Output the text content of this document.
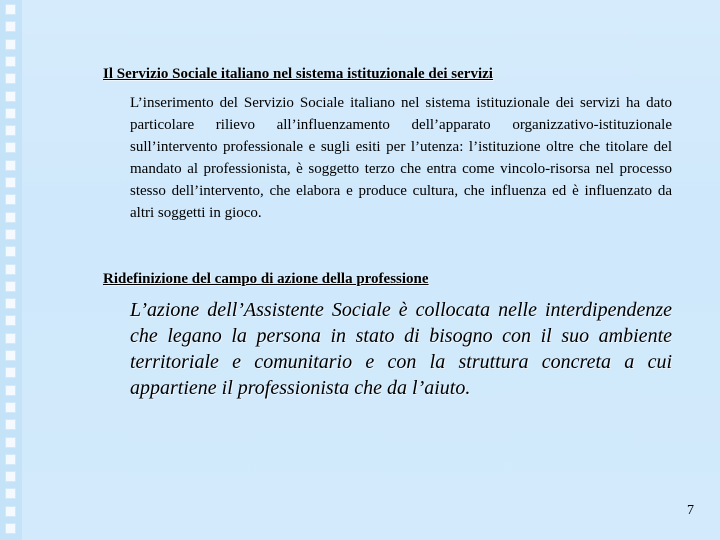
Il Servizio Sociale italiano nel sistema istituzionale dei servizi
L’inserimento del Servizio Sociale italiano nel sistema istituzionale dei servizi ha dato particolare rilievo all’influenzamento dell’apparato organizzativo-istituzionale sull’intervento professionale e sugli esiti per l’utenza: l’istituzione oltre che titolare del mandato al professionista, è soggetto terzo che entra come vincolo-risorsa nel processo stesso dell’intervento, che elabora e produce cultura, che influenza ed è influenzato da altri soggetti in gioco.
Ridefinizione del campo di azione della professione
L’azione dell’Assistente Sociale è collocata nelle interdipendenze che legano la persona in stato di bisogno con il suo ambiente territoriale e comunitario e con la struttura concreta a cui appartiene il professionista che da l’aiuto.
7
